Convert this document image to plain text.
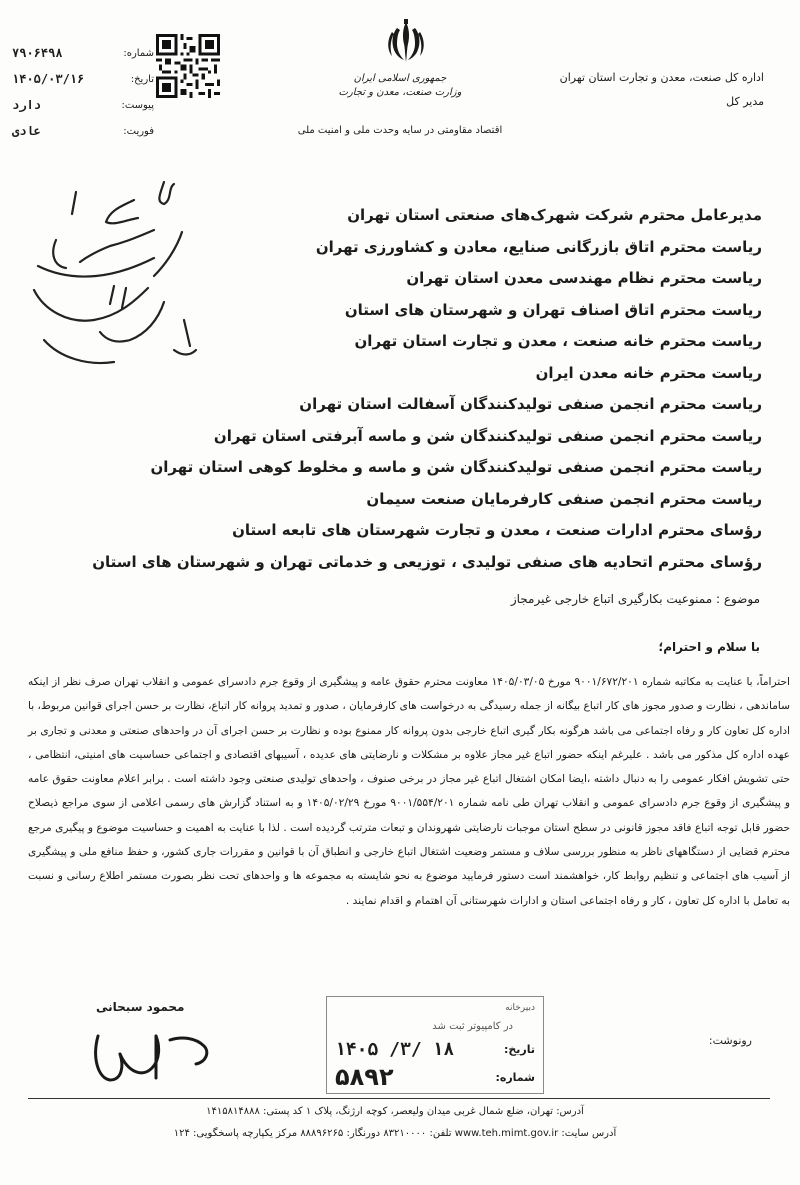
اداره کل صنعت، معدن و تجارت استان تهران
مدیر کل
جمهوری اسلامی ایران
وزارت صنعت، معدن و تجارت
اقتصاد مقاومتی در سایه وحدت ملی و امنیت ملی
شماره:
۷۹۰۶۴۹۸
تاریخ:
۱۴۰۵/۰۳/۱۶
پیوست:
دارد
فوریت:
عادی
مدیرعامل محترم شرکت شهرک‌های صنعتی استان تهران
ریاست محترم اتاق بازرگانی صنایع، معادن و کشاورزی تهران
ریاست محترم نظام مهندسی معدن استان تهران
ریاست محترم اتاق اصناف تهران و شهرستان های استان
ریاست محترم خانه صنعت ، معدن و تجارت استان تهران
ریاست محترم خانه معدن ایران
ریاست محترم انجمن صنفی تولیدکنندگان آسفالت استان تهران
ریاست محترم انجمن صنفی تولیدکنندگان شن و ماسه آبرفتی استان تهران
ریاست محترم انجمن صنفی تولیدکنندگان شن و ماسه و مخلوط کوهی استان تهران
ریاست محترم انجمن صنفی کارفرمایان صنعت سیمان
رؤسای محترم ادارات صنعت ، معدن و تجارت شهرستان های تابعه استان
رؤسای محترم اتحادیه های صنفی تولیدی ، توزیعی و خدماتی تهران و شهرستان های استان
موضوع : ممنوعیت بکارگیری اتباع خارجی غیرمجاز
با سلام و احترام؛
احتراماً، با عنایت به مکاتبه شماره ۹۰۰۱/۶۷۲/۲۰۱ مورخ ۱۴۰۵/۰۳/۰۵ معاونت محترم حقوق عامه و پیشگیری از وقوع جرم دادسرای عمومی و انقلاب تهران صرف نظر از اینکه ساماندهی ، نظارت و صدور مجوز های کار اتباع بیگانه از جمله رسیدگی به درخواست های کارفرمایان ، صدور و تمدید پروانه کار اتباع، نظارت بر حسن اجرای قوانین مربوط، با اداره کل تعاون کار و رفاه اجتماعی می باشد هرگونه بکار گیری اتباع خارجی بدون پروانه کار ممنوع بوده و نظارت بر حسن اجرای آن در واحدهای صنعتی و معدنی و تجاری بر عهده اداره کل مذکور می باشد . علیرغم اینکه حضور اتباع غیر مجاز علاوه بر مشکلات و نارضایتی های عدیده ، آسیبهای اقتصادی و اجتماعی حساسیت های امنیتی، انتظامی ، حتی تشویش افکار عمومی را به دنبال داشته ،ایضا امکان اشتغال اتباع غیر مجاز در برخی صنوف ، واحدهای تولیدی صنعتی وجود داشته است . برابر اعلام معاونت حقوق عامه و پیشگیری از وقوع جرم دادسرای عمومی و انقلاب تهران طی نامه شماره ۹۰۰۱/۵۵۴/۲۰۱ مورخ ۱۴۰۵/۰۲/۲۹ و به استناد گزارش های رسمی اعلامی از سوی مراجع ذیصلاح حضور قابل توجه اتباع فاقد مجوز قانونی در سطح استان موجبات نارضایتی شهروندان و تبعات مترتب گردیده است . لذا با عنایت به اهمیت و حساسیت موضوع و پیگیری مرجع محترم قضایی از دستگاههای ناظر به منظور بررسی سلاف و مستمر وضعیت اشتغال اتباع خارجی و انطباق آن با قوانین و مقررات جاری کشور، و حفظ منافع ملی و پیشگیری از آسیب های اجتماعی و تنظیم روابط کار، خواهشمند است دستور فرمایید موضوع به نحو شایسته به مجموعه ها و واحدهای تحت نظر بصورت مستمر اطلاع رسانی و نسبت به تعامل با اداره کل تعاون ، کار و رفاه اجتماعی استان و ادارات شهرستانی آن اهتمام و اقدام نمایند .
محمود سبحانی
رونوشت:
دبیرخانه
در کامپیوتر ثبت شد
تاریخ:
۱۴۰۵ /۳/ ۱۸
شماره:
۵۸۹۲
آدرس: تهران، ضلع شمال غربی میدان ولیعصر، کوچه ارژنگ، پلاک ۱ کد پستی: ۱۴۱۵۸۱۴۸۸۸
آدرس سایت: www.teh.mimt.gov.ir تلفن: ۸۳۲۱۰۰۰۰ دورنگار: ۸۸۸۹۶۲۶۵ مرکز یکپارچه پاسخگویی: ۱۲۴
